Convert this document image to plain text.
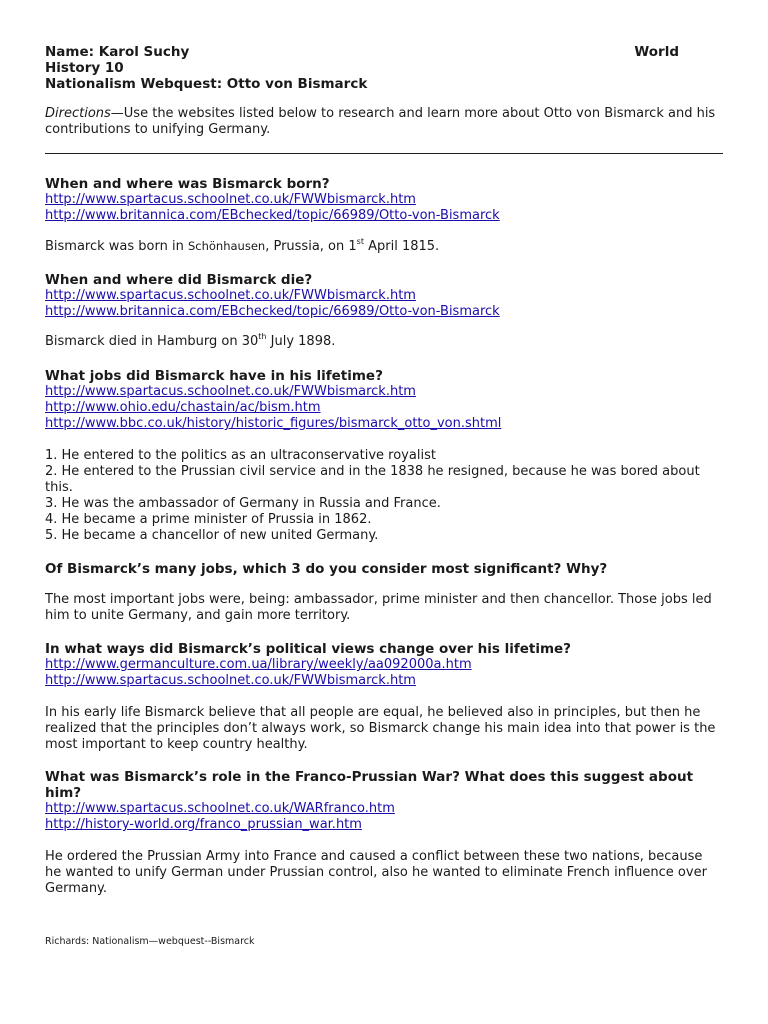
Name: Karol Suchy	World
History 10
Nationalism Webquest: Otto von Bismarck
Directions—Use the websites listed below to research and learn more about Otto von Bismarck and his contributions to unifying Germany.
When and where was Bismarck born?
http://www.spartacus.schoolnet.co.uk/FWWbismarck.htm
http://www.britannica.com/EBchecked/topic/66989/Otto-von-Bismarck
Bismarck was born in Schönhausen, Prussia, on 1st April 1815.
When and where did Bismarck die?
http://www.spartacus.schoolnet.co.uk/FWWbismarck.htm
http://www.britannica.com/EBchecked/topic/66989/Otto-von-Bismarck
Bismarck died in Hamburg on 30th July 1898.
What jobs did Bismarck have in his lifetime?
http://www.spartacus.schoolnet.co.uk/FWWbismarck.htm
http://www.ohio.edu/chastain/ac/bism.htm
http://www.bbc.co.uk/history/historic_figures/bismarck_otto_von.shtml
1. He entered to the politics as an ultraconservative royalist
2. He entered to the Prussian civil service and in the 1838 he resigned, because he was bored about this.
3. He was the ambassador of Germany in Russia and France.
4. He became a prime minister of Prussia in 1862.
5. He became a chancellor of new united Germany.
Of Bismarck’s many jobs, which 3 do you consider most significant? Why?
The most important jobs were, being: ambassador, prime minister and then chancellor. Those jobs led him to unite Germany, and gain more territory.
In what ways did Bismarck’s political views change over his lifetime?
http://www.germanculture.com.ua/library/weekly/aa092000a.htm
http://www.spartacus.schoolnet.co.uk/FWWbismarck.htm
In his early life Bismarck believe that all people are equal, he believed also in principles, but then he realized that the principles don’t always work, so Bismarck change his main idea into that power is the most important to keep country healthy.
What was Bismarck’s role in the Franco-Prussian War? What does this suggest about him?
http://www.spartacus.schoolnet.co.uk/WARfranco.htm
http://history-world.org/franco_prussian_war.htm
He ordered the Prussian Army into France and caused a conflict between these two nations, because he wanted to unify German under Prussian control, also he wanted to eliminate French influence over Germany.
Richards: Nationalism—webquest--Bismarck
